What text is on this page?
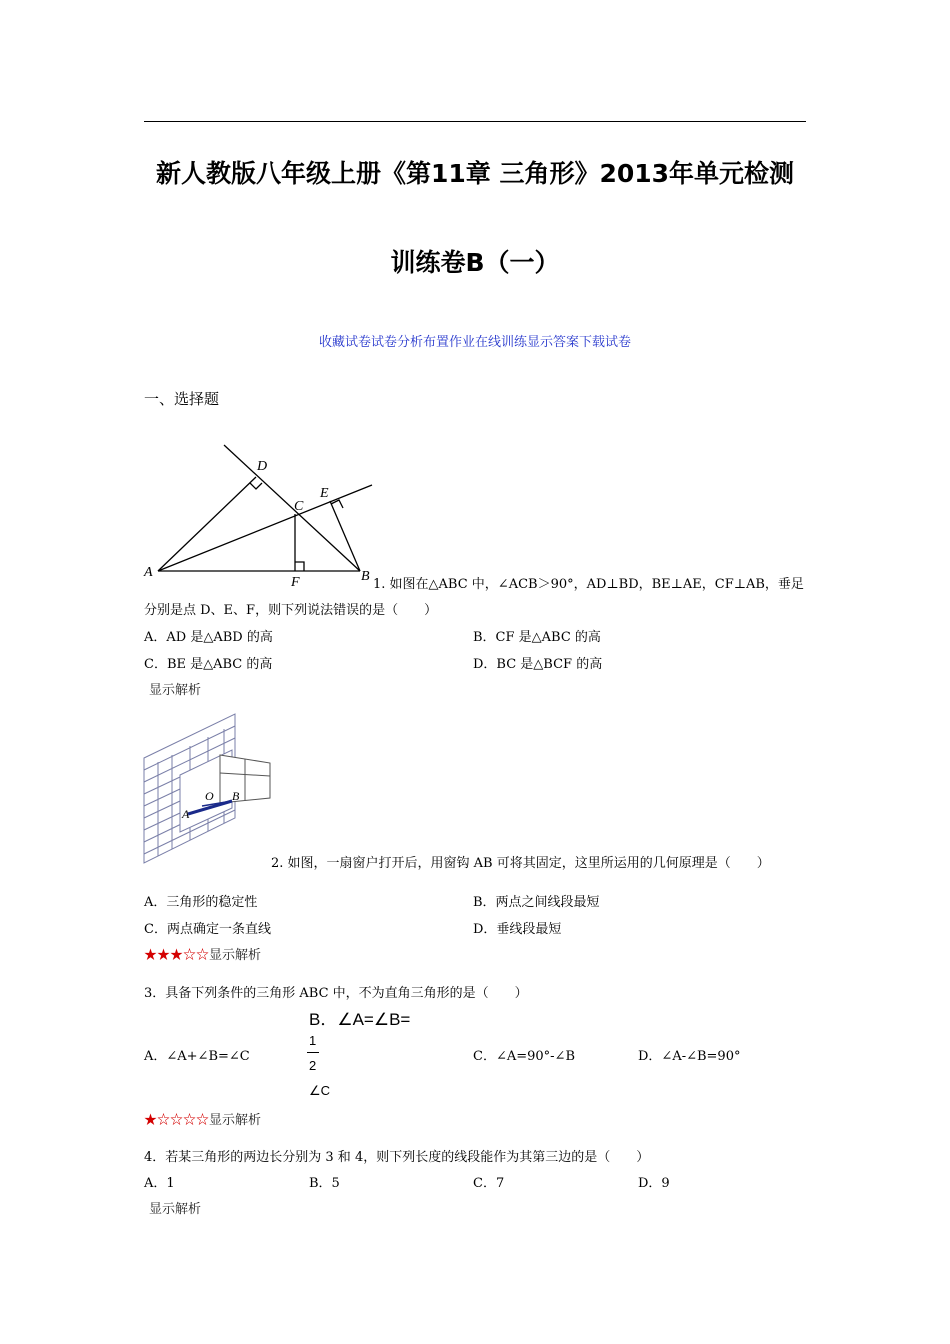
新人教版八年级上册《第11章 三角形》2013年单元检测
训练卷B（一）
收藏试卷试卷分析布置作业在线训练显示答案下载试卷
一、选择题
A	B
C
D
E
F	1. 如图在△ABC 中，∠ACB＞90°，AD⊥BD，BE⊥AE，CF⊥AB，垂足
分别是点 D、E、F，则下列说法错误的是（　　）
A．AD 是△ABD 的高	B．CF 是△ABC 的高
C．BE 是△ABC 的高	D．BC 是△BCF 的高
显示解析
O
A
B
2. 如图，一扇窗户打开后，用窗钩 AB 可将其固定，这里所运用的几何原理是（　　）
A．三角形的稳定性	B．两点之间线段最短
C．两点确定一条直线	D．垂线段最短
★★★☆☆显示解析
3．具备下列条件的三角形 ABC 中，不为直角三角形的是（　　）
A．∠A+∠B=∠C
B．∠A=∠B=
1
2
∠C
C．∠A=90°-∠B	D．∠A-∠B=90°
★☆☆☆☆显示解析
4．若某三角形的两边长分别为 3 和 4，则下列长度的线段能作为其第三边的是（　　）
A．1	B．5	C．7	D．9
显示解析
